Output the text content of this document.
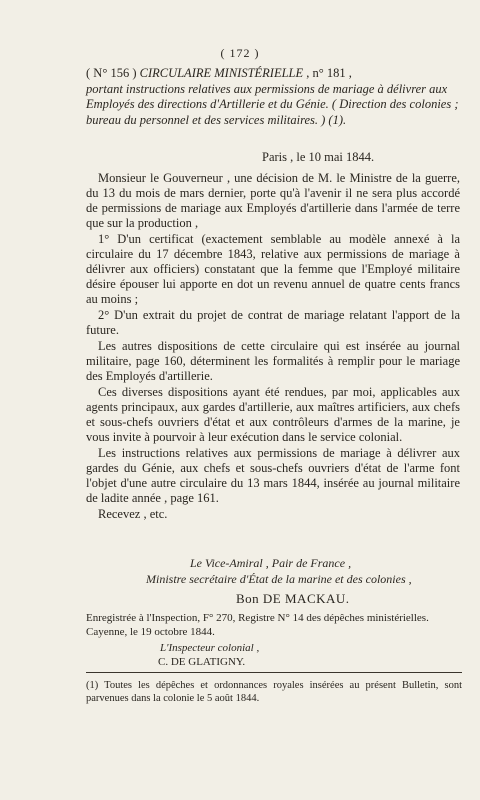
( 172 )

( N° 156 ) CIRCULAIRE MINISTÉRIELLE , n° 181 ,

portant instructions relatives aux permissions de mariage à délivrer aux Employés des directions d'Artillerie et du Génie. ( Direction des colonies ; bureau du personnel et des services militaires. ) (1).

Paris , le 10 mai 1844.

Monsieur le Gouverneur , une décision de M. le Ministre de la guerre, du 13 du mois de mars dernier, porte qu'à l'avenir il ne sera plus accordé de permissions de mariage aux Employés d'artillerie dans l'armée de terre que sur la production ,

1° D'un certificat (exactement semblable au modèle annexé à la circulaire du 17 décembre 1843, relative aux permissions de mariage à délivrer aux officiers) constatant que la femme que l'Employé militaire désire épouser lui apporte en dot un revenu annuel de quatre cents francs au moins ;

2° D'un extrait du projet de contrat de mariage relatant l'apport de la future.

Les autres dispositions de cette circulaire qui est insérée au journal militaire, page 160, déterminent les formalités à remplir pour le mariage des Employés d'artillerie.

Ces diverses dispositions ayant été rendues, par moi, applicables aux agents principaux, aux gardes d'artillerie, aux maîtres artificiers, aux chefs et sous-chefs ouvriers d'état et aux contrôleurs d'armes de la marine, je vous invite à pourvoir à leur exécution dans le service colonial.

Les instructions relatives aux permissions de mariage à délivrer aux gardes du Génie, aux chefs et sous-chefs ouvriers d'état de l'arme font l'objet d'une autre circulaire du 13 mars 1844, insérée au journal militaire de ladite année , page 161.

Recevez , etc.

Le Vice-Amiral , Pair de France ,
Ministre secrétaire d'État de la marine et des colonies ,
Bon DE MACKAU.
Enregistrée à l'Inspection, F° 270, Registre N° 14 des dépêches ministérielles. Cayenne, le 19 octobre 1844.
L'Inspecteur colonial ,
C. DE GLATIGNY.
(1) Toutes les dépêches et ordonnances royales insérées au présent Bulletin, sont parvenues dans la colonie le 5 août 1844.
